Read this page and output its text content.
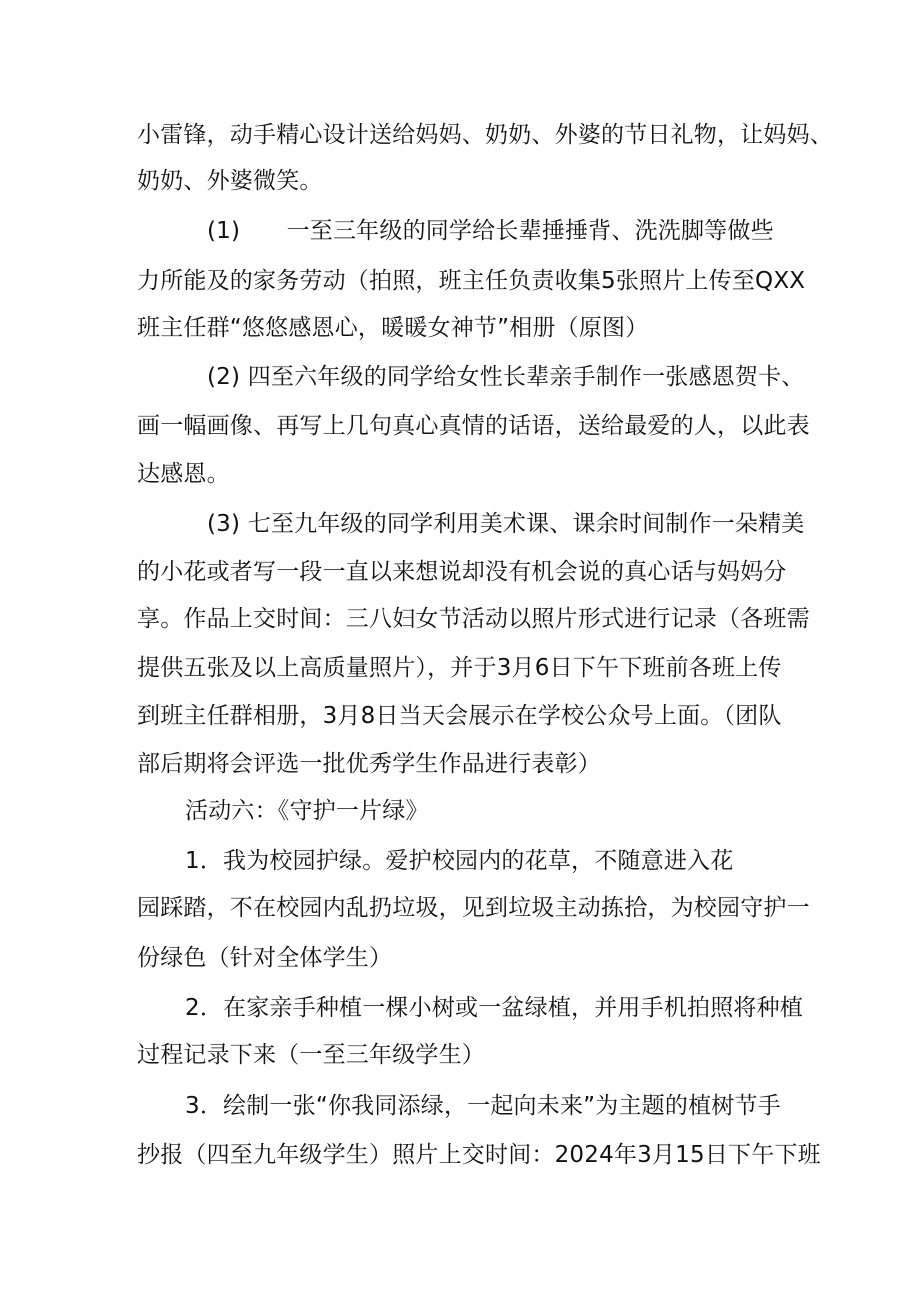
小雷锋，动手精心设计送给妈妈、奶奶、外婆的节日礼物，让妈妈、
奶奶、外婆微笑。
(1)　　一至三年级的同学给长辈捶捶背、洗洗脚等做些
力所能及的家务劳动（拍照，班主任负责收集5张照片上传至QXX
班主任群“悠悠感恩心，暖暖女神节”相册（原图）
(2) 四至六年级的同学给女性长辈亲手制作一张感恩贺卡、
画一幅画像、再写上几句真心真情的话语，送给最爱的人，以此表
达感恩。
(3) 七至九年级的同学利用美术课、课余时间制作一朵精美
的小花或者写一段一直以来想说却没有机会说的真心话与妈妈分
享。作品上交时间：三八妇女节活动以照片形式进行记录（各班需
提供五张及以上高质量照片），并于3月6日下午下班前各班上传
到班主任群相册，3月8日当天会展示在学校公众号上面。（团队
部后期将会评选一批优秀学生作品进行表彰）
活动六：《守护一片绿》
1．我为校园护绿。爱护校园内的花草，不随意进入花
园踩踏，不在校园内乱扔垃圾，见到垃圾主动拣拾，为校园守护一
份绿色（针对全体学生）
2．在家亲手种植一棵小树或一盆绿植，并用手机拍照将种植
过程记录下来（一至三年级学生）
3．绘制一张“你我同添绿，一起向未来”为主题的植树节手
抄报（四至九年级学生）照片上交时间：2024年3月15日下午下班
